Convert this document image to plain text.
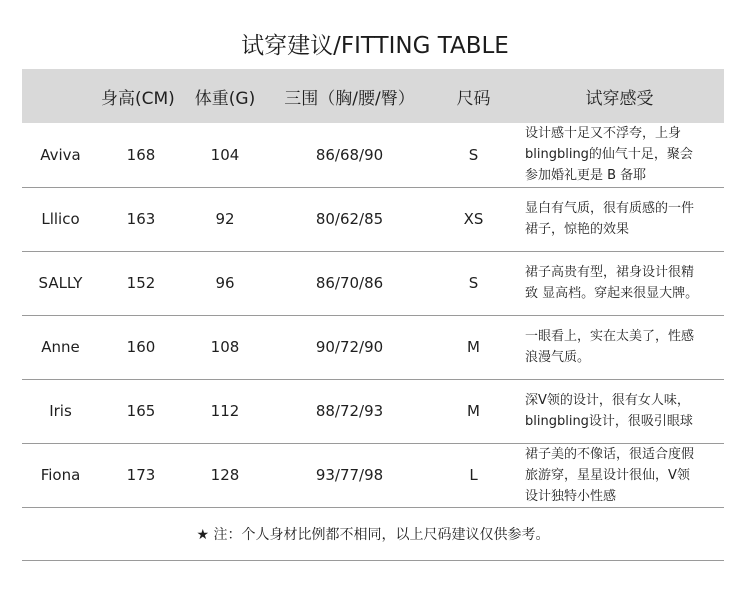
试穿建议/FITTING TABLE
	身高(CM)	体重(G)	三围（胸/腰/臀）	尺码	试穿感受
Aviva	168	104	86/68/90	S	设计感十足又不浮夸，上身
blingbling的仙气十足，聚会
参加婚礼更是 B 备耶

Lllico	163	92	80/62/85	XS	显白有气质，很有质感的一件
裙子，惊艳的效果

SALLY	152	96	86/70/86	S	裙子高贵有型，裙身设计很精
致 显高档。穿起来很显大牌。

Anne	160	108	90/72/90	M	一眼看上，实在太美了，性感
浪漫气质。

Iris	165	112	88/72/93	M	深V领的设计，很有女人味，
blingbling设计，很吸引眼球

Fiona	173	128	93/77/98	L	裙子美的不像话，很适合度假
旅游穿，星星设计很仙，V领
设计独特小性感
★ 注：个人身材比例都不相同，以上尺码建议仅供参考。
